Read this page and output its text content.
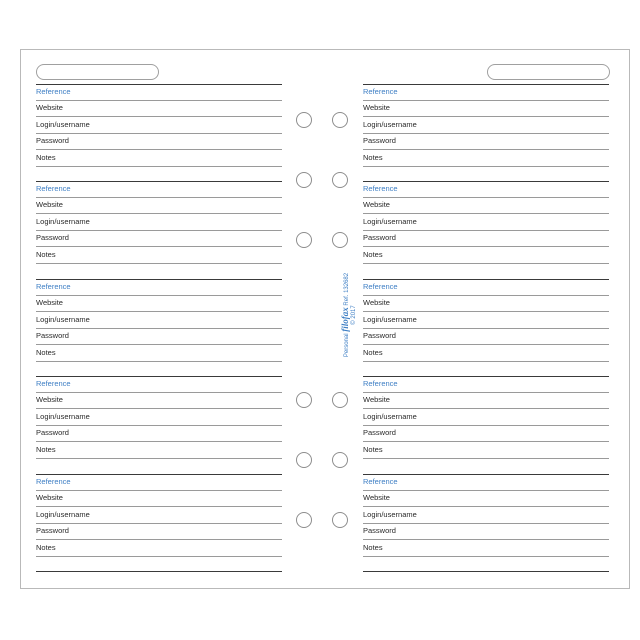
Reference
Website
Login/username
Password
Notes
Reference
Website
Login/username
Password
Notes
Reference
Website
Login/username
Password
Notes
Reference
Website
Login/username
Password
Notes
Reference
Website
Login/username
Password
Notes
Reference
Website
Login/username
Password
Notes
Reference
Website
Login/username
Password
Notes
Reference
Website
Login/username
Password
Notes
Reference
Website
Login/username
Password
Notes
Reference
Website
Login/username
Password
Notes
Personal filofax Ref. 132682
© 2017
